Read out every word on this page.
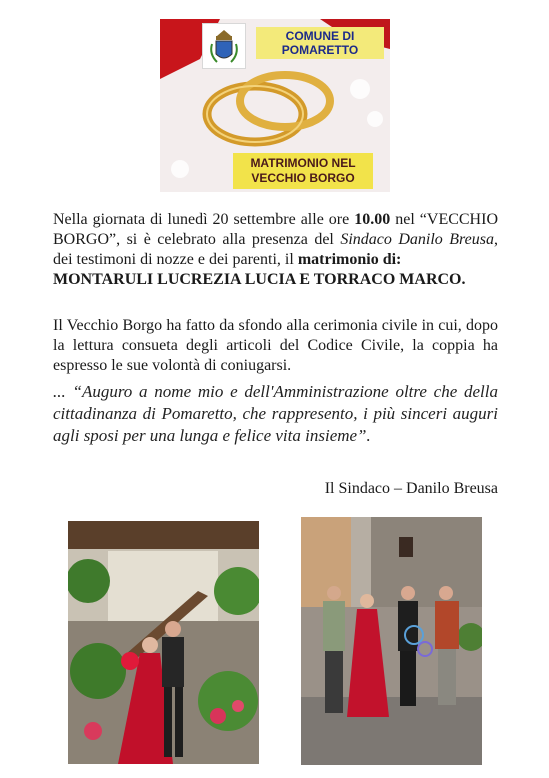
COMUNE DI
POMARETTO
MATRIMONIO NEL
VECCHIO BORGO

Nella giornata di lunedì 20 settembre alle ore 10.00 nel “VECCHIO BORGO”, si è celebrato alla presenza del Sindaco Danilo Breusa, dei testimoni di nozze e dei parenti, il matrimonio di:
MONTARULI LUCREZIA LUCIA E TORRACO MARCO.

Il Vecchio Borgo ha fatto da sfondo alla cerimonia civile in cui, dopo la lettura consueta degli articoli del Codice Civile, la coppia ha espresso le sue volontà di coniugarsi.

... “Auguro a nome mio e dell'Amministrazione oltre che della cittadinanza di Pomaretto, che rappresento, i più sinceri auguri agli sposi per una lunga e felice vita insieme”.

Il Sindaco – Danilo Breusa
